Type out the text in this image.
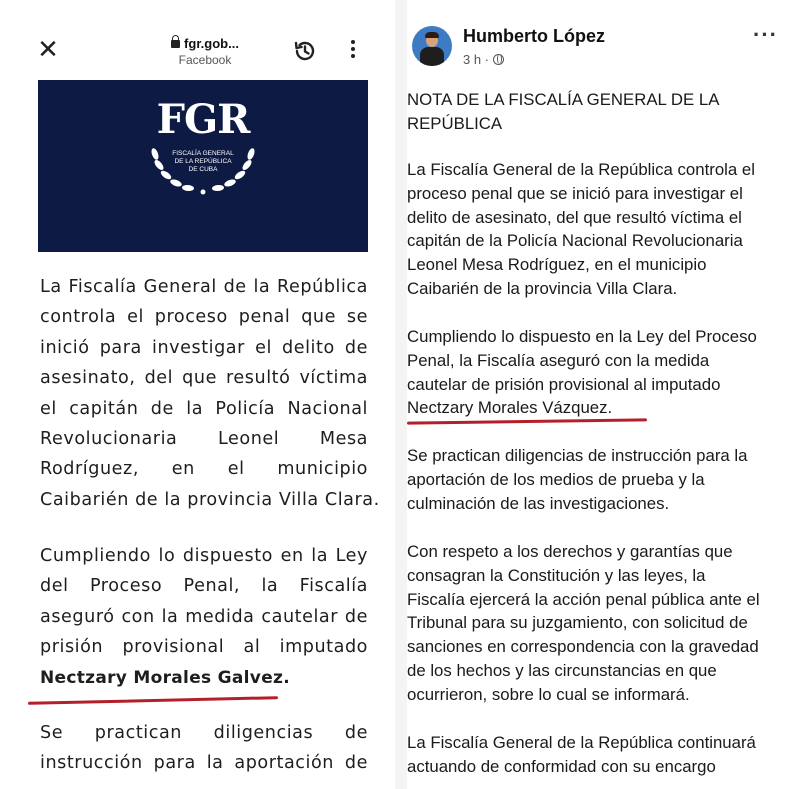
✕	fgr.gob...
Facebook
FGR
FISCALÍA GENERAL
DE LA REPÚBLICA
DE CUBA
La Fiscalía General de la República
controla el proceso penal que se
inició para investigar el delito de
asesinato, del que resultó víctima
el capitán de la Policía Nacional
Revolucionaria Leonel Mesa
Rodríguez, en el municipio
Caibarién de la provincia Villa Clara.
Cumpliendo lo dispuesto en la Ley
del Proceso Penal, la Fiscalía
aseguró con la medida cautelar de
prisión provisional al imputado
Nectzary Morales Galvez.
Se practican diligencias de
instrucción para la aportación de
Humberto López
3 h ·
···
NOTA DE LA FISCALÍA GENERAL DE LA
REPÚBLICA
La Fiscalía General de la República controla el
proceso penal que se inició para investigar el
delito de asesinato, del que resultó víctima el
capitán de la Policía Nacional Revolucionaria
Leonel Mesa Rodríguez, en el municipio
Caibarién de la provincia Villa Clara.
Cumpliendo lo dispuesto en la Ley del Proceso
Penal, la Fiscalía aseguró con la medida
cautelar de prisión provisional al imputado
Nectzary Morales Vázquez.
Se practican diligencias de instrucción para la
aportación de los medios de prueba y la
culminación de las investigaciones.
Con respeto a los derechos y garantías que
consagran la Constitución y las leyes, la
Fiscalía ejercerá la acción penal pública ante el
Tribunal para su juzgamiento, con solicitud de
sanciones en correspondencia con la gravedad
de los hechos y las circunstancias en que
ocurrieron, sobre lo cual se informará.
La Fiscalía General de la República continuará
actuando de conformidad con su encargo
